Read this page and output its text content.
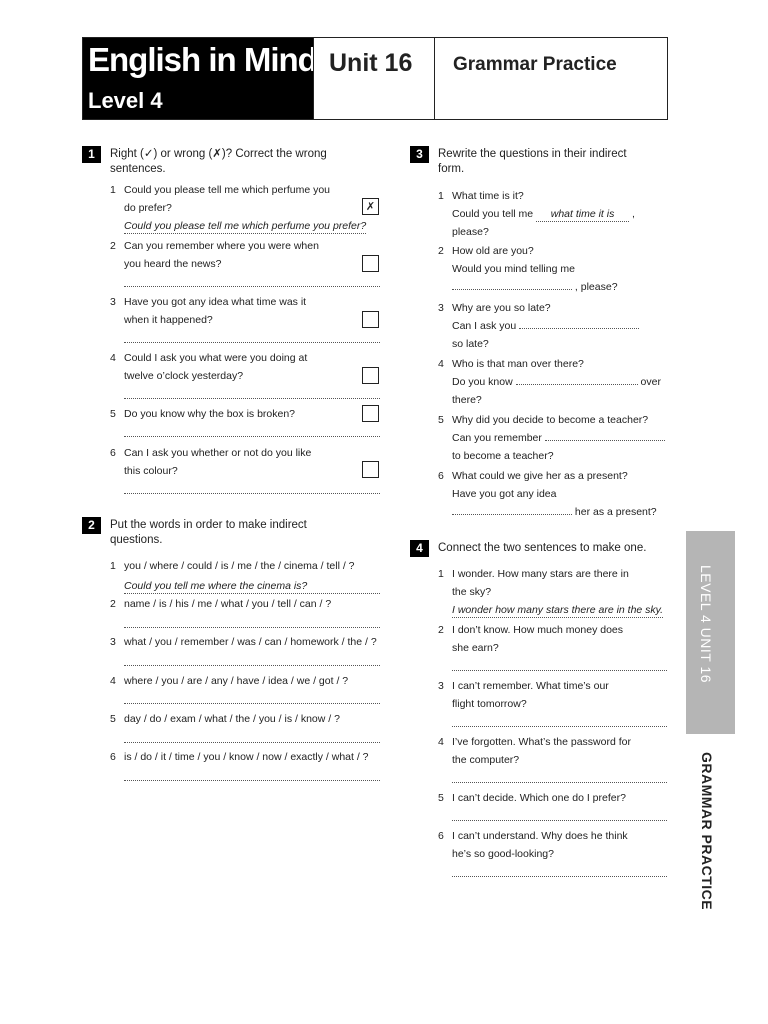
English in Mind
Level 4
Unit 16 Grammar Practice
1	Right (✓) or wrong (✗)? Correct the wrong
sentences.
1 Could you please tell me which perfume you
do prefer?	✗
Could you please tell me which perfume you prefer?
2 Can you remember where you were when
you heard the news?
3 Have you got any idea what time was it
when it happened?
4 Could I ask you what were you doing at
twelve o’clock yesterday?
5 Do you know why the box is broken?
6 Can I ask you whether or not do you like
this colour?
2	Put the words in order to make indirect
questions.
1 you / where / could / is / me / the / cinema / tell / ?
Could you tell me where the cinema is?
2 name / is / his / me / what / you / tell / can / ?
3 what / you / remember / was / can / homework / the / ?
4 where / you / are / any / have / idea / we / got / ?
5 day / do / exam / what / the / you / is / know / ?
6 is / do / it / time / you / know / now / exactly / what / ?
3	Rewrite the questions in their indirect
form.
1 What time is it?
Could you tell me what time it is ,
please?
2 How old are you?
Would you mind telling me
, please?
3 Why are you so late?
Can I ask you
so late?
4 Who is that man over there?
Do you know	over
there?
5 Why did you decide to become a teacher?
Can you remember
to become a teacher?
6 What could we give her as a present?
Have you got any idea
her as a present?
4	Connect the two sentences to make one.
1 I wonder. How many stars are there in
the sky?
I wonder how many stars there are in the sky.
2 I don’t know. How much money does
she earn?
3 I can’t remember. What time’s our
flight tomorrow?
4 I’ve forgotten. What’s the password for
the computer?
5 I can’t decide. Which one do I prefer?
6 I can’t understand. Why does he think
he’s so good-looking?
LEVEL 4 UNIT 16
GRAMMAR PRACTICE
